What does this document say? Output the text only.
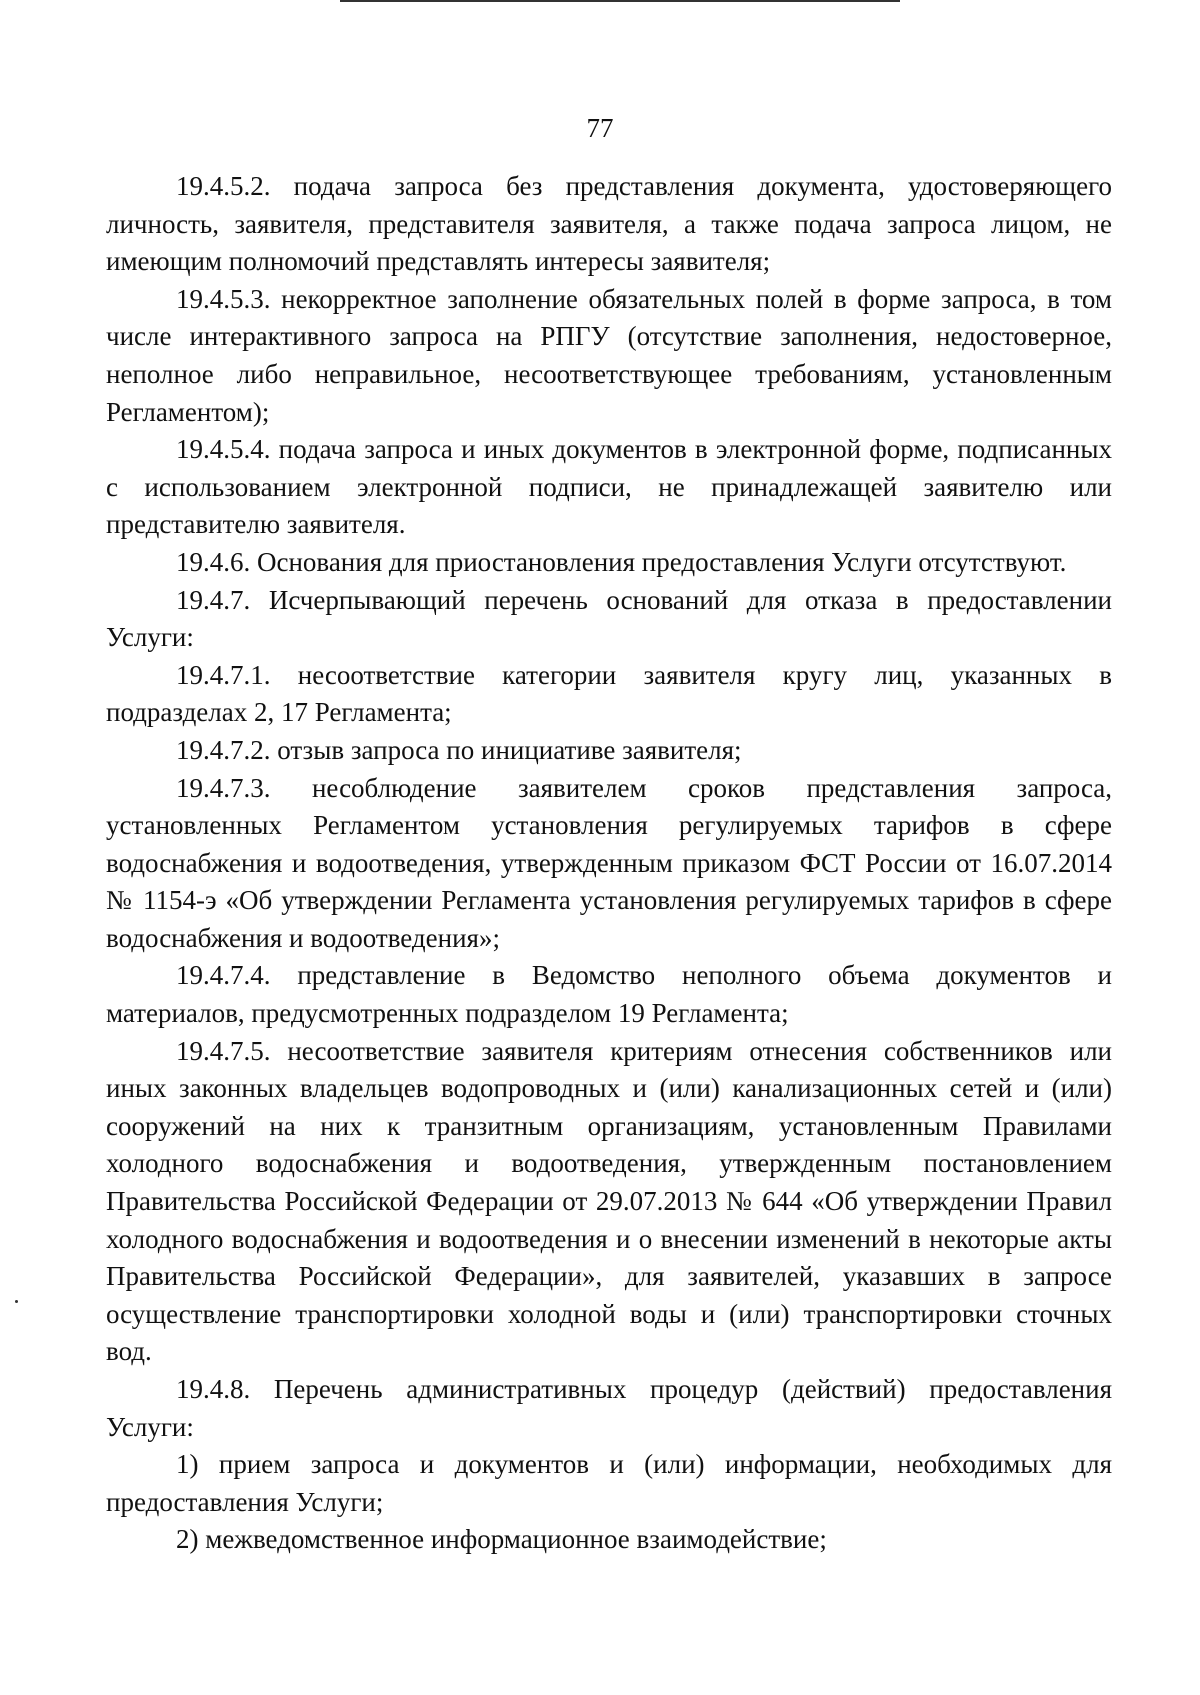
77

19.4.5.2. подача запроса без представления документа, удостоверяющего личность, заявителя, представителя заявителя, а также подача запроса лицом, не имеющим полномочий представлять интересы заявителя;

19.4.5.3. некорректное заполнение обязательных полей в форме запроса, в том числе интерактивного запроса на РПГУ (отсутствие заполнения, недостоверное, неполное либо неправильное, несоответствующее требованиям, установленным Регламентом);

19.4.5.4. подача запроса и иных документов в электронной форме, подписанных с использованием электронной подписи, не принадлежащей заявителю или представителю заявителя.

19.4.6. Основания для приостановления предоставления Услуги отсутствуют.

19.4.7. Исчерпывающий перечень оснований для отказа в предоставлении Услуги:

19.4.7.1. несоответствие категории заявителя кругу лиц, указанных в подразделах 2, 17 Регламента;

19.4.7.2. отзыв запроса по инициативе заявителя;

19.4.7.3. несоблюдение заявителем сроков представления запроса, установленных Регламентом установления регулируемых тарифов в сфере водоснабжения и водоотведения, утвержденным приказом ФСТ России от 16.07.2014 № 1154-э «Об утверждении Регламента установления регулируемых тарифов в сфере водоснабжения и водоотведения»;

19.4.7.4. представление в Ведомство неполного объема документов и материалов, предусмотренных подразделом 19 Регламента;

19.4.7.5. несоответствие заявителя критериям отнесения собственников или иных законных владельцев водопроводных и (или) канализационных сетей и (или) сооружений на них к транзитным организациям, установленным Правилами холодного водоснабжения и водоотведения, утвержденным постановлением Правительства Российской Федерации от 29.07.2013 № 644 «Об утверждении Правил холодного водоснабжения и водоотведения и о внесении изменений в некоторые акты Правительства Российской Федерации», для заявителей, указавших в запросе осуществление транспортировки холодной воды и (или) транспортировки сточных вод.

19.4.8. Перечень административных процедур (действий) предоставления Услуги:

1) прием запроса и документов и (или) информации, необходимых для предоставления Услуги;

2) межведомственное информационное взаимодействие;
